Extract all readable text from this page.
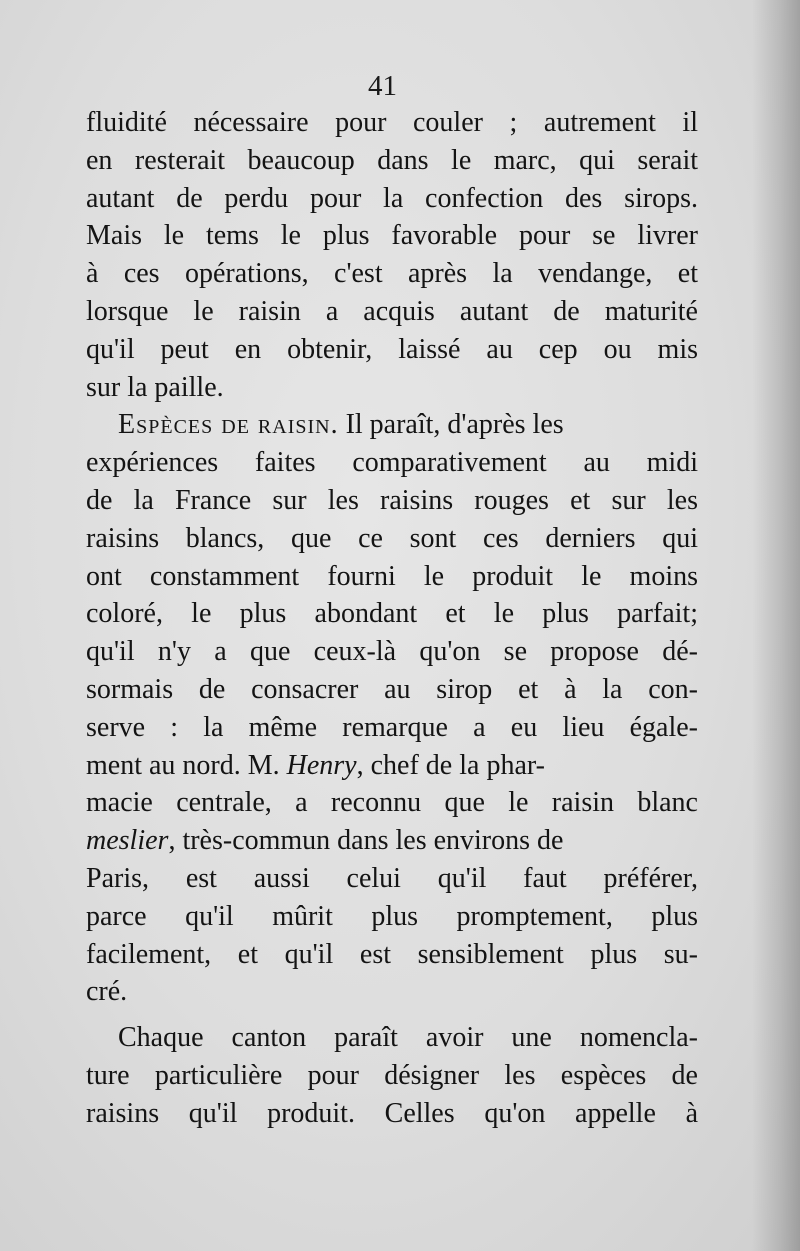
41
fluidité nécessaire pour couler ; autrement il
en resterait beaucoup dans le marc, qui serait
autant de perdu pour la confection des sirops.
Mais le tems le plus favorable pour se livrer
à ces opérations, c'est après la vendange, et
lorsque le raisin a acquis autant de maturité
qu'il peut en obtenir, laissé au cep ou mis
sur la paille.
Espèces de raisin. Il paraît, d'après les
expériences faites comparativement au midi
de la France sur les raisins rouges et sur les
raisins blancs, que ce sont ces derniers qui
ont constamment fourni le produit le moins
coloré, le plus abondant et le plus parfait;
qu'il n'y a que ceux-là qu'on se propose dé-
sormais de consacrer au sirop et à la con-
serve : la même remarque a eu lieu égale-
ment au nord. M. Henry, chef de la phar-
macie centrale, a reconnu que le raisin blanc
meslier, très-commun dans les environs de
Paris, est aussi celui qu'il faut préférer,
parce qu'il mûrit plus promptement, plus
facilement, et qu'il est sensiblement plus su-
cré.
Chaque canton paraît avoir une nomencla-
ture particulière pour désigner les espèces de
raisins qu'il produit. Celles qu'on appelle à
